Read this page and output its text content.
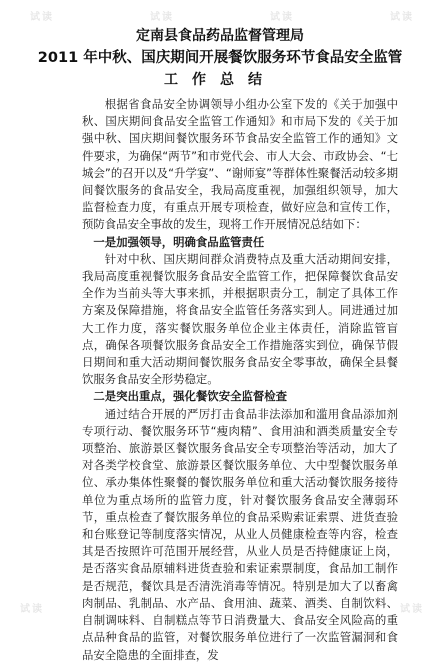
试读	试读	试读	试读
试读	试读

定南县食品药品监督管理局

2011 年中秋、国庆期间开展餐饮服务环节食品安全监管

工作总结

根据省食品安全协调领导小组办公室下发的《关于加强中秋、国庆期间食品安全监管工作通知》和市局下发的《关于加强中秋、国庆期间餐饮服务环节食品安全监管工作的通知》文件要求，为确保“两节”和市党代会、市人大会、市政协会、“七城会”的召开以及“升学宴”、“谢师宴”等群体性聚餐活动较多期间餐饮服务的食品安全，我局高度重视，加强组织领导，加大监督检查力度，有重点开展专项检查，做好应急和宣传工作，预防食品安全事故的发生，现将工作开展情况总结如下：

一是加强领导，明确食品监管责任

针对中秋、国庆期间群众消费特点及重大活动期间安排，我局高度重视餐饮服务食品安全监管工作，把保障餐饮食品安全作为当前头等大事来抓，并根据职责分工，制定了具体工作方案及保障措施，将食品安全监管任务落实到人。同进通过加大工作力度，落实餐饮服务单位企业主体责任，消除监管盲点，确保各项餐饮服务食品安全工作措施落实到位，确保节假日期间和重大活动期间餐饮服务食品安全零事故，确保全县餐饮服务食品安全形势稳定。

二是突出重点，强化餐饮安全监督检查

通过结合开展的严厉打击食品非法添加和滥用食品添加剂专项行动、餐饮服务环节“瘦肉精”、食用油和酒类质量安全专项整治、旅游景区餐饮服务食品安全专项整治等活动，加大了对各类学校食堂、旅游景区餐饮服务单位、大中型餐饮服务单位、承办集体性聚餐的餐饮服务单位和重大活动餐饮服务接待单位为重点场所的监管力度，针对餐饮服务食品安全薄弱环节，重点检查了餐饮服务单位的食品采购索证索票、进货查验和台账登记等制度落实情况，从业人员健康检查等内容，检查其是否按照许可范围开展经营，从业人员是否持健康证上岗，是否落实食品原辅料进货查验和索证索票制度，食品加工制作是否规范，餐饮具是否清洗消毒等情况。特别是加大了以畜禽肉制品、乳制品、水产品、食用油、蔬菜、酒类、自制饮料、自制调味料、自制糕点等节日消费量大、食品安全风险高的重点品种食品的监管，对餐饮服务单位进行了一次监管漏洞和食品安全隐患的全面排查，发
